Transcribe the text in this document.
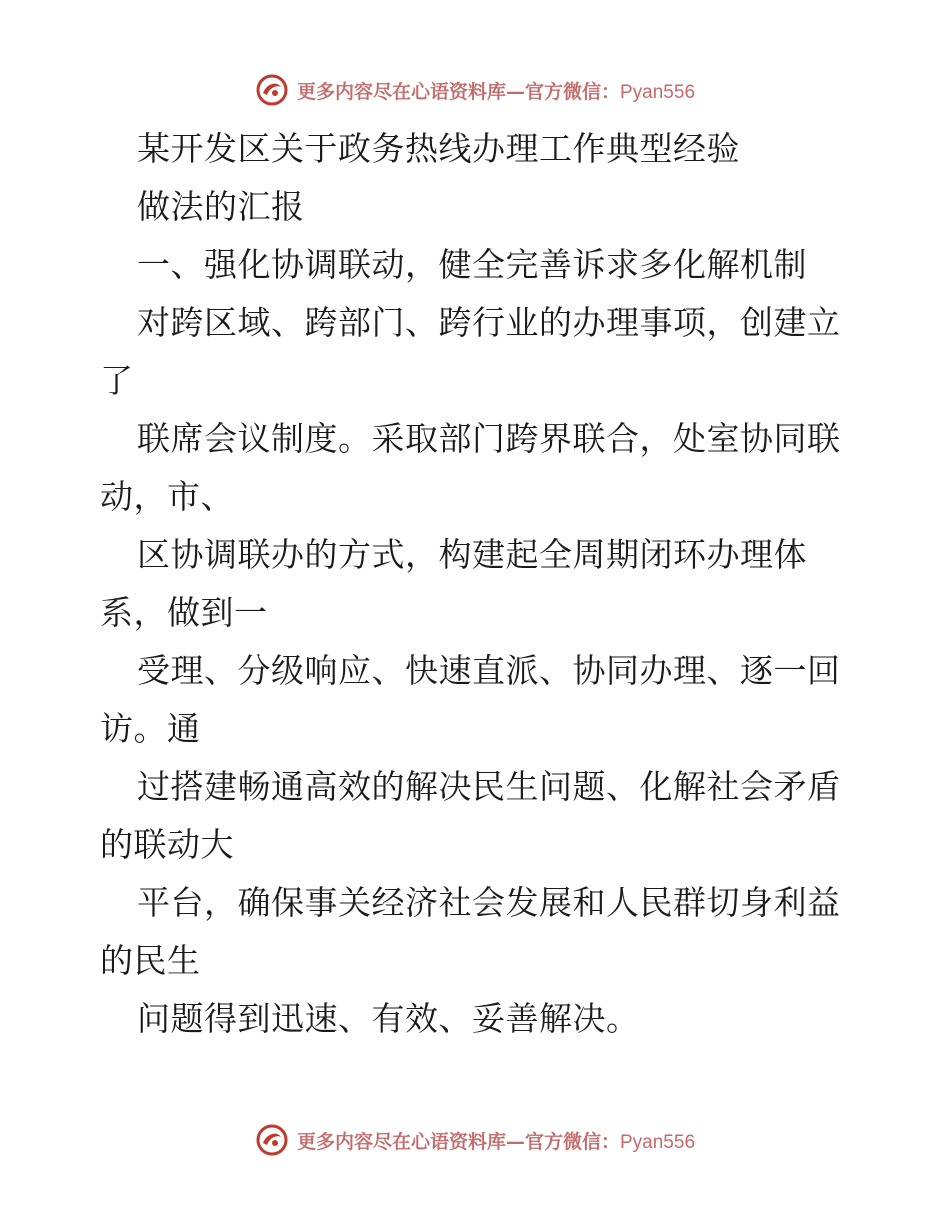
更多内容尽在心语资料库—官方微信：Pyan556
某开发区关于政务热线办理工作典型经验
做法的汇报
一、强化协调联动，健全完善诉求多化解机制
对跨区域、跨部门、跨行业的办理事项，创建立
了
联席会议制度。采取部门跨界联合，处室协同联
动，市、
区协调联办的方式，构建起全周期闭环办理体
系，做到一
受理、分级响应、快速直派、协同办理、逐一回
访。通
过搭建畅通高效的解决民生问题、化解社会矛盾
的联动大
平台，确保事关经济社会发展和人民群切身利益
的民生
问题得到迅速、有效、妥善解决。
更多内容尽在心语资料库—官方微信：Pyan556
